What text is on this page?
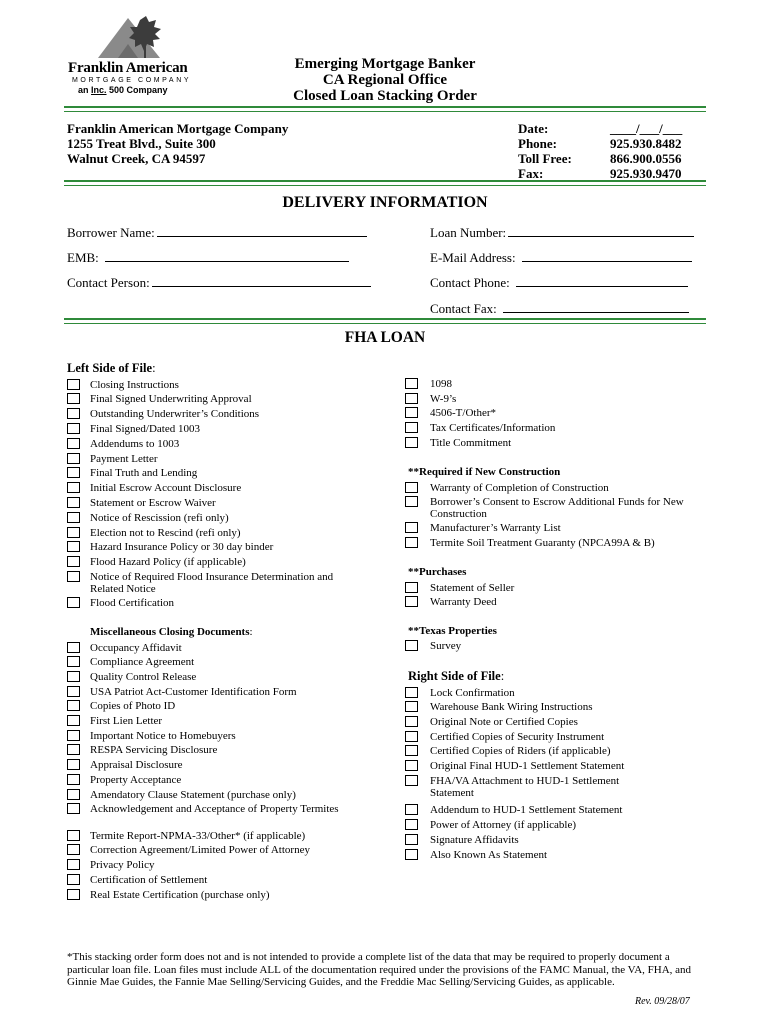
Franklin American
MORTGAGE COMPANY
an Inc. 500 Company
Emerging Mortgage Banker
CA Regional Office
Closed Loan Stacking Order
Franklin American Mortgage Company
1255 Treat Blvd., Suite 300
Walnut Creek, CA 94597
Date:	____/___/___
Phone:	925.930.8482
Toll Free:	866.900.0556
Fax:	925.930.9470
DELIVERY INFORMATION
Borrower Name:	Loan Number:
EMB:	E-Mail Address:
Contact Person:	Contact Phone:
Contact Fax:
FHA LOAN
Left Side of File:
Closing Instructions
Final Signed Underwriting Approval
Outstanding Underwriter’s Conditions
Final Signed/Dated 1003
Addendums to 1003
Payment Letter
Final Truth and Lending
Initial Escrow Account Disclosure
Statement or Escrow Waiver
Notice of Rescission (refi only)
Election not to Rescind (refi only)
Hazard Insurance Policy or 30 day binder
Flood Hazard Policy (if applicable)
Notice of Required Flood Insurance Determination and Related Notice
Flood Certification
Miscellaneous Closing Documents:
Occupancy Affidavit
Compliance Agreement
Quality Control Release
USA Patriot Act-Customer Identification Form
Copies of Photo ID
First Lien Letter
Important Notice to Homebuyers
RESPA Servicing Disclosure
Appraisal Disclosure
Property Acceptance
Amendatory Clause Statement (purchase only)
Acknowledgement and Acceptance of Property Termites
Termite Report-NPMA-33/Other* (if applicable)
Correction Agreement/Limited Power of Attorney
Privacy Policy
Certification of Settlement
Real Estate Certification (purchase only)
1098
W-9’s
4506-T/Other*
Tax Certificates/Information
Title Commitment
**Required if New Construction
Warranty of Completion of Construction
Borrower’s Consent to Escrow Additional Funds for New Construction
Manufacturer’s Warranty List
Termite Soil Treatment Guaranty (NPCA99A & B)
**Purchases
Statement of Seller
Warranty Deed
**Texas Properties
Survey
Right Side of File:
Lock Confirmation
Warehouse Bank Wiring Instructions
Original Note or Certified Copies
Certified Copies of Security Instrument
Certified Copies of Riders (if applicable)
Original Final HUD-1 Settlement Statement
FHA/VA Attachment to HUD-1 Settlement Statement
Addendum to HUD-1 Settlement Statement
Power of Attorney (if applicable)
Signature Affidavits
Also Known As Statement
*This stacking order form does not and is not intended to provide a complete list of the data that may be required to properly document a particular loan file. Loan files must include ALL of the documentation required under the provisions of the FAMC Manual, the VA, FHA, and Ginnie Mae Guides, the Fannie Mae Selling/Servicing Guides, and the Freddie Mac Selling/Servicing Guides, as applicable.
Rev. 09/28/07
